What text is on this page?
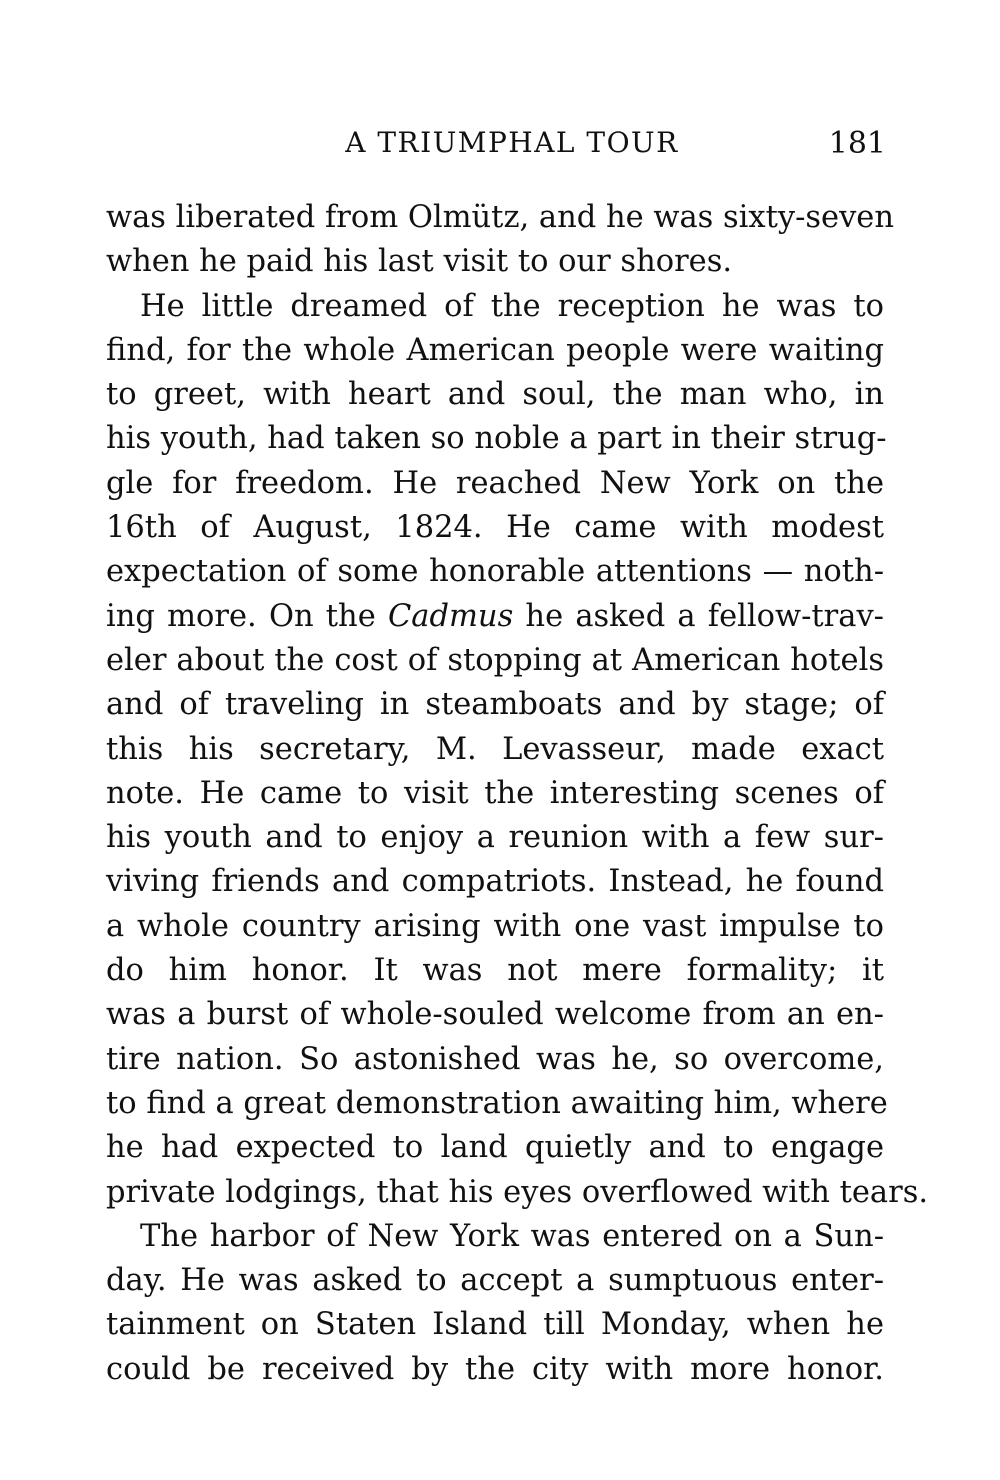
A TRIUMPHAL TOUR	181
was liberated from Olmütz, and he was sixty-seven
when he paid his last visit to our shores.
He little dreamed of the reception he was to
find, for the whole American people were waiting
to greet, with heart and soul, the man who, in
his youth, had taken so noble a part in their strug-
gle for freedom. He reached New York on the
16th of August, 1824. He came with modest
expectation of some honorable attentions — noth-
ing more. On the Cadmus he asked a fellow-trav-
eler about the cost of stopping at American hotels
and of traveling in steamboats and by stage; of
this his secretary, M. Levasseur, made exact
note. He came to visit the interesting scenes of
his youth and to enjoy a reunion with a few sur-
viving friends and compatriots. Instead, he found
a whole country arising with one vast impulse to
do him honor. It was not mere formality; it
was a burst of whole-souled welcome from an en-
tire nation. So astonished was he, so overcome,
to find a great demonstration awaiting him, where
he had expected to land quietly and to engage
private lodgings, that his eyes overflowed with tears.
The harbor of New York was entered on a Sun-
day. He was asked to accept a sumptuous enter-
tainment on Staten Island till Monday, when he
could be received by the city with more honor.
